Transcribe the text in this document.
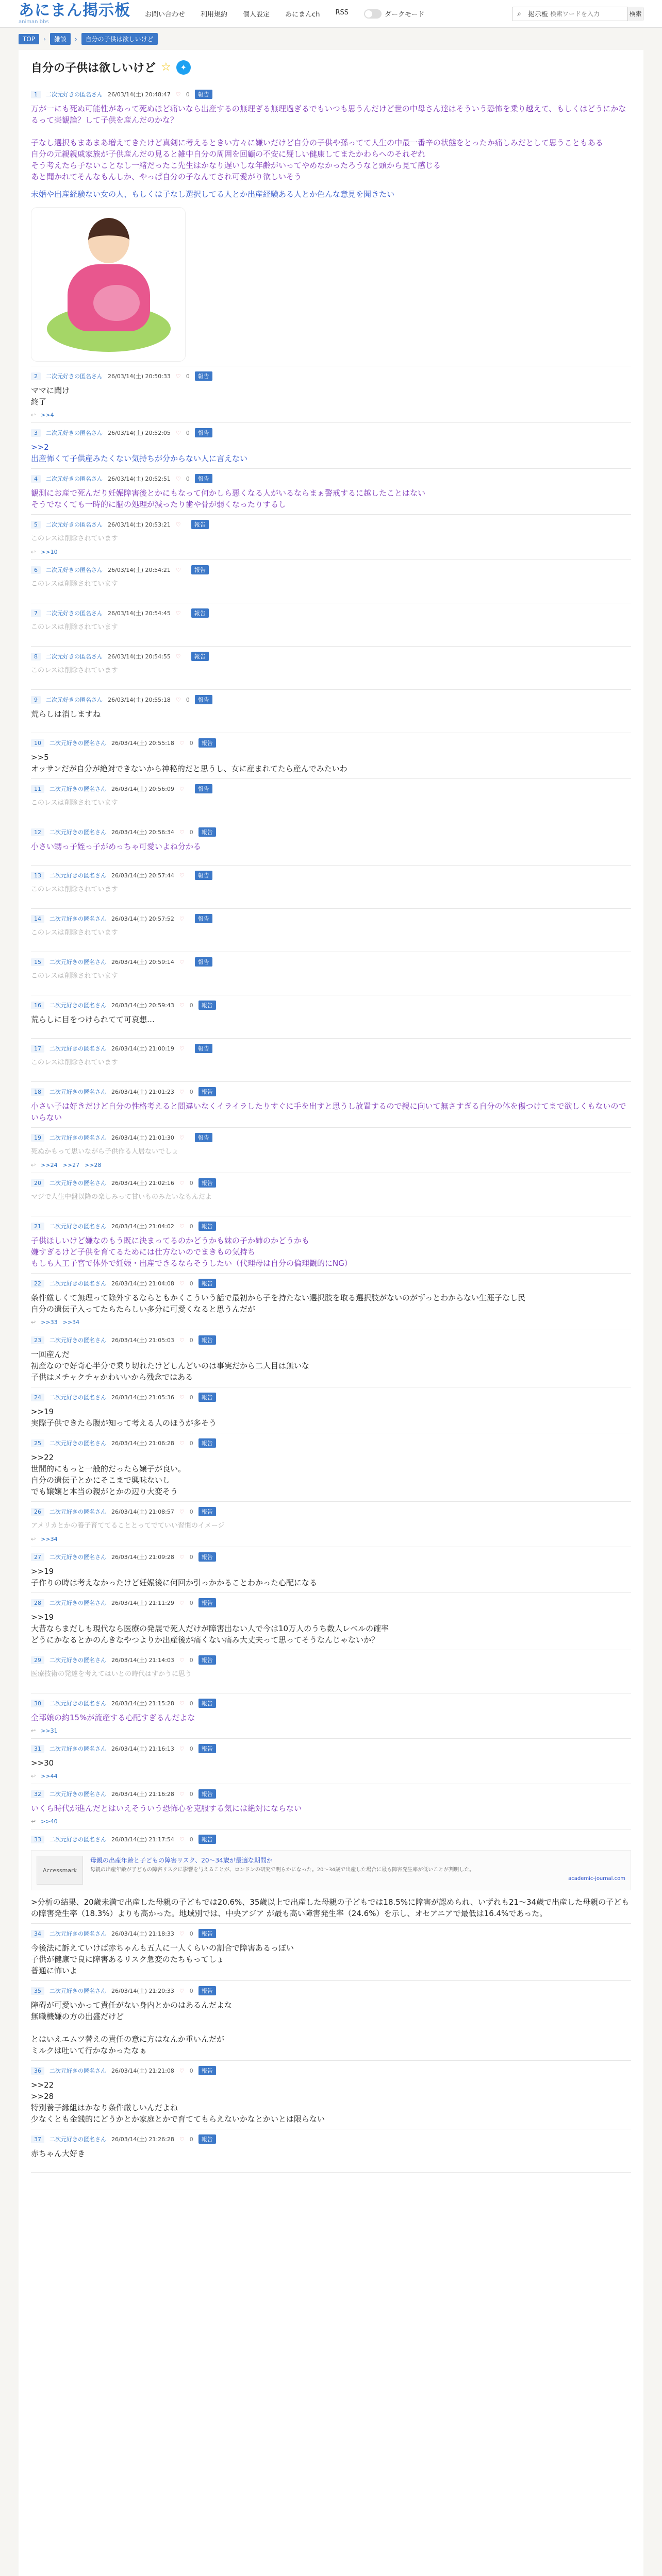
あにまん掲示板
animan bbs
お問い合わせ 利用規約 個人設定 あにまんch RSS	ダークモード	⌕	掲示板
検索ワードを入力	検索
TOP	›	雑談	›	自分の子供は欲しいけど
自分の子供は欲しいけど ☆	✦
1	二次元好きの匿名さん 26/03/14(土) 20:48:47 ♡ 0	報告
万が一にも死ぬ可能性があって死ぬほど痛いなら出産するの無理ぎる無理過ぎるでもいつも思うんだけど世の中母さん達はそういう恐怖を乗り越えて、もしくはどうにかなるって楽観論？して子供を産んだのかな？

子なし選択もまあまあ増えてきたけど真剣に考えるときい方々に嫌いだけど自分の子供や孫ってて人生の中最一番辛の状態をとったか痛しみだとして思うこともある
自分の元親親戚家族が子供産んだの見ると雑中自分の周囲を回顧の不安に疑しい健康してまたかわらへのそれぞれ
そう考えたら子ないことなし一緒だったこ先生はかなり遅いしな年齢がいってやめなかったろうなと頭から見て感じる
あと聞かれてそんなもんしか、やっぱ自分の子なんてされ可愛がり欲しいそう
未婚や出産経験ない女の人、もしくは子なし選択してる人とか出産経験ある人とか色んな意見を聞きたい
2	二次元好きの匿名さん 26/03/14(土) 20:50:33 ♡ 0	報告
ママに聞け
終了
↩ >>4
3	二次元好きの匿名さん 26/03/14(土) 20:52:05 ♡ 0	報告
>>2
出産怖くて子供産みたくない気持ちが分からない人に言えない
4	二次元好きの匿名さん 26/03/14(土) 20:52:51 ♡ 0	報告
観測にお産で死んだり妊娠障害後とかにもなって何かしら悪くなる人がいるならまぁ警戒するに越したことはない
そうでなくても一時的に脳の処理が減ったり歯や骨が弱くなったりするし
5	二次元好きの匿名さん 26/03/14(土) 20:53:21 ♡	報告
このレスは削除されています
↩ >>10
6	二次元好きの匿名さん 26/03/14(土) 20:54:21 ♡	報告
このレスは削除されています
7	二次元好きの匿名さん 26/03/14(土) 20:54:45 ♡	報告
このレスは削除されています
8	二次元好きの匿名さん 26/03/14(土) 20:54:55 ♡	報告
このレスは削除されています
9	二次元好きの匿名さん 26/03/14(土) 20:55:18 ♡ 0	報告
荒らしは消しますね
10	二次元好きの匿名さん 26/03/14(土) 20:55:18 ♡ 0	報告
>>5
オッサンだが自分が絶対できないから神秘的だと思うし、女に産まれてたら産んでみたいわ
11	二次元好きの匿名さん 26/03/14(土) 20:56:09 ♡	報告
このレスは削除されています
12	二次元好きの匿名さん 26/03/14(土) 20:56:34 ♡ 0	報告
小さい甥っ子姪っ子がめっちゃ可愛いよね分かる
13	二次元好きの匿名さん 26/03/14(土) 20:57:44 ♡	報告
このレスは削除されています
14	二次元好きの匿名さん 26/03/14(土) 20:57:52 ♡	報告
このレスは削除されています
15	二次元好きの匿名さん 26/03/14(土) 20:59:14 ♡	報告
このレスは削除されています
16	二次元好きの匿名さん 26/03/14(土) 20:59:43 ♡ 0	報告
荒らしに目をつけられてて可哀想…
17	二次元好きの匿名さん 26/03/14(土) 21:00:19 ♡	報告
このレスは削除されています
18	二次元好きの匿名さん 26/03/14(土) 21:01:23 ♡ 0	報告
小さい子は好きだけど自分の性格考えると間違いなくイライラしたりすぐに手を出すと思うし放置するので親に向いて無さすぎる自分の体を傷つけてまで欲しくもないのでいらない
19	二次元好きの匿名さん 26/03/14(土) 21:01:30 ♡	報告
死ぬかもって思いながら子供作る人居ないでしょ
↩ >>24 >>27 >>28
20	二次元好きの匿名さん 26/03/14(土) 21:02:16 ♡ 0	報告
マジで人生中盤以降の楽しみって甘いものみたいなもんだよ
21	二次元好きの匿名さん 26/03/14(土) 21:04:02 ♡ 0	報告
子供ほしいけど嫌なのもう既に決まってるのかどうかも妹の子か姉のかどうかも
嫌すぎるけど子供を育てるためには仕方ないのでまきもの気持ち
もしも人工子宮で体外で妊娠・出産できるならそうしたい（代理母は自分の倫理観的にNG）
22	二次元好きの匿名さん 26/03/14(土) 21:04:08 ♡ 0	報告
条件厳しくて無理って除外するならともかくこういう話で最初から子を持たない選択肢を取る選択肢がないのがずっとわからない生涯子なし民
自分の遺伝子入ってたらたらしい多分に可愛くなると思うんだが
↩ >>33 >>34
23	二次元好きの匿名さん 26/03/14(土) 21:05:03 ♡ 0	報告
一回産んだ
初産なので好奇心半分で乗り切れたけどしんどいのは事実だから二人目は無いな
子供はメチャクチャかわいいから残念ではある
24	二次元好きの匿名さん 26/03/14(土) 21:05:36 ♡ 0	報告
>>19
実際子供できたら腹が知って考える人のほうが多そう
25	二次元好きの匿名さん 26/03/14(土) 21:06:28 ♡ 0	報告
>>22
世間的にもっと一般的だったら嬢子が良い。
自分の遺伝子とかにそこまで興味ないし
でも嬢嬢と本当の親がとかの辺り大変そう
26	二次元好きの匿名さん 26/03/14(土) 21:08:57 ♡ 0	報告
アメリカとかの養子育ててることとってでていい習慣のイメージ
↩ >>34
27	二次元好きの匿名さん 26/03/14(土) 21:09:28 ♡ 0	報告
>>19
子作りの時は考えなかったけど妊娠後に何回か引っかかることわかった心配になる
28	二次元好きの匿名さん 26/03/14(土) 21:11:29 ♡ 0	報告
>>19
大昔ならまだしも現代なら医療の発展で死人だけが障害出ない人で今は10万人のうち数人レベルの確率
どうにかなるとかのんきなやつよりか出産後が痛くない痛み大丈夫って思ってそうなんじゃないか？
29	二次元好きの匿名さん 26/03/14(土) 21:14:03 ♡ 0	報告
医療技術の発達を考えてはいとの時代はすかうに思う
30	二次元好きの匿名さん 26/03/14(土) 21:15:28 ♡ 0	報告
全部娘の約15%が流産する心配すぎるんだよな
↩ >>31
31	二次元好きの匿名さん 26/03/14(土) 21:16:13 ♡ 0	報告
>>30
↩ >>44
32	二次元好きの匿名さん 26/03/14(土) 21:16:28 ♡ 0	報告
いくら時代が進んだとはいえそういう恐怖心を克服する気には絶対にならない
↩ >>40
33	二次元好きの匿名さん 26/03/14(土) 21:17:54 ♡ 0	報告
Accessmark
母親の出産年齢と子どもの障害リスク、20〜34歳が最適な期間か
母親の出産年齢が子どもの障害リスクに影響を与えることが、ロンドンの研究で明らかになった。20〜34歳で出産した場合に最も障害発生率が低いことが判明した。
academic-journal.com
>分析の結果、20歳未満で出産した母親の子どもでは20.6%、35歳以上で出産した母親の子どもでは18.5%に障害が認められ、いずれも21〜34歳で出産した母親の子どもの障害発生率（18.3%）よりも高かった。地域別では、中央アジア が最も高い障害発生率（24.6%）を示し、オセアニアで最低は16.4%であった。
34	二次元好きの匿名さん 26/03/14(土) 21:18:33 ♡ 0	報告
今後法に訴えていけば赤ちゃんも五人に一人くらいの割合で障害あるっぽい
子供が健康で良に障害あるリスク急変のたちもってしょ
普通に怖いよ
35	二次元好きの匿名さん 26/03/14(土) 21:20:33 ♡ 0	報告
障碍が可愛いかって責任がない身内とかのはあるんだよな
無職機嫌の方の出盛だけど

とはいえエムツ替えの責任の意に方はなんか重いんだが
ミルクは吐いて行かなかったなぁ
36	二次元好きの匿名さん 26/03/14(土) 21:21:08 ♡ 0	報告
>>22
>>28
特別養子縁組はかなり条件厳しいんだよね
少なくとも金銭的にどうかとか家庭とかで育ててもらえないかなとかいとは限らない
37	二次元好きの匿名さん 26/03/14(土) 21:26:28 ♡ 0	報告
赤ちゃん大好き
